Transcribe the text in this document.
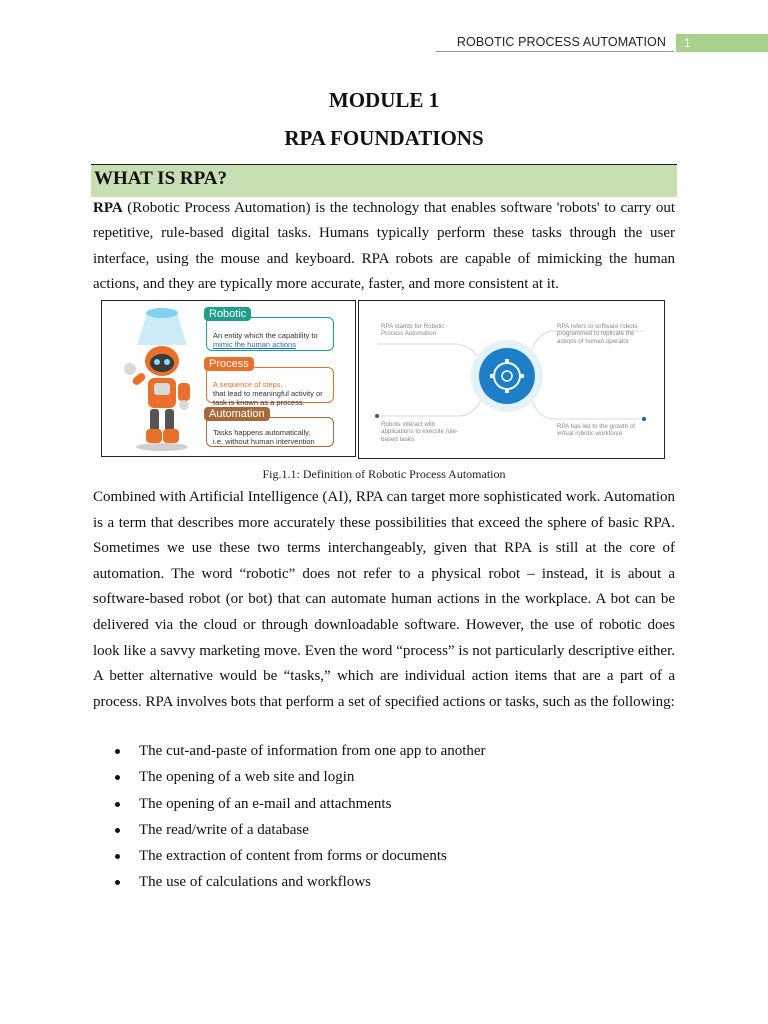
ROBOTIC PROCESS AUTOMATION	1
MODULE 1
RPA FOUNDATIONS
WHAT IS RPA?
RPA (Robotic Process Automation) is the technology that enables software 'robots' to carry out repetitive, rule-based digital tasks. Humans typically perform these tasks through the user interface, using the mouse and keyboard. RPA robots are capable of mimicking the human actions, and they are typically more accurate, faster, and more consistent at it.
An entity which the capability to
mimic the human actions
Robotic
A sequence of steps,
that lead to meaningful activity or
task is known as a process.
Process
Tasks happens automatically,
i.e. without human intervention
Automation
RPA stands for Robotic Process Automation
RPA refers to software robots programmed to replicate the actions of human operator
Robots interact with applications to execute rule-based tasks
RPA has led to the growth of virtual robotic workforce
Fig.1.1: Definition of Robotic Process Automation
Combined with Artificial Intelligence (AI), RPA can target more sophisticated work. Automation is a term that describes more accurately these possibilities that exceed the sphere of basic RPA. Sometimes we use these two terms interchangeably, given that RPA is still at the core of automation. The word “robotic” does not refer to a physical robot – instead, it is about a software-based robot (or bot) that can automate human actions in the workplace. A bot can be delivered via the cloud or through downloadable software. However, the use of robotic does look like a savvy marketing move. Even the word “process” is not particularly descriptive either. A better alternative would be “tasks,” which are individual action items that are a part of a process. RPA involves bots that perform a set of specified actions or tasks, such as the following:
The cut-and-paste of information from one app to another
The opening of a web site and login
The opening of an e-mail and attachments
The read/write of a database
The extraction of content from forms or documents
The use of calculations and workflows
